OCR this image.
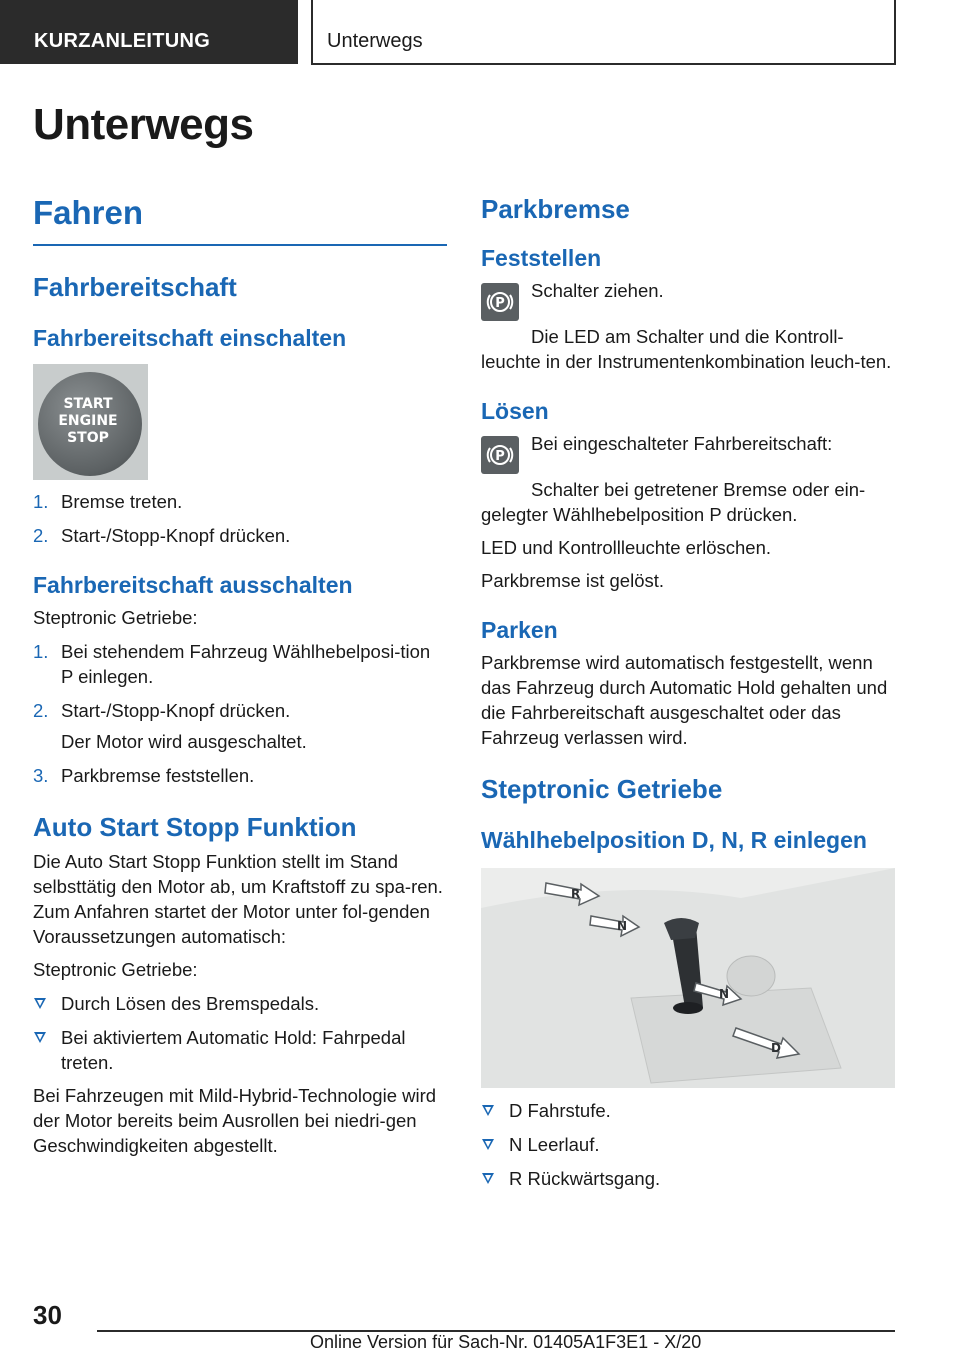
KURZANLEITUNG	Unterwegs
Unterwegs
Fahren
Fahrbereitschaft
Fahrbereitschaft einschalten
START
ENGINE
STOP
1. Bremse treten.
2. Start-/Stopp-Knopf drücken.
Fahrbereitschaft ausschalten

Steptronic Getriebe:

1. Bei stehendem Fahrzeug Wählhebelposi-tion P einlegen.
2. Start-/Stopp-Knopf drücken.

Der Motor wird ausgeschaltet.

3. Parkbremse feststellen.
Auto Start Stopp Funktion

Die Auto Start Stopp Funktion stellt im Stand selbsttätig den Motor ab, um Kraftstoff zu spa-ren. Zum Anfahren startet der Motor unter fol-genden Voraussetzungen automatisch:

Steptronic Getriebe:

Durch Lösen des Bremspedals.
Bei aktiviertem Automatic Hold: Fahrpedal treten.

Bei Fahrzeugen mit Mild-Hybrid-Technologie wird der Motor bereits beim Ausrollen bei niedri-gen Geschwindigkeiten abgestellt.

Parkbremse
Feststellen
P

Schalter ziehen.

Die LED am Schalter und die Kontroll-leuchte in der Instrumentenkombination leuch-ten.

Lösen
P

Bei eingeschalteter Fahrbereitschaft:

Schalter bei getretener Bremse oder ein-gelegter Wählhebelposition P drücken.

LED und Kontrollleuchte erlöschen.

Parkbremse ist gelöst.

Parken

Parkbremse wird automatisch festgestellt, wenn das Fahrzeug durch Automatic Hold gehalten und die Fahrbereitschaft ausgeschaltet oder das Fahrzeug verlassen wird.

Steptronic Getriebe
Wählhebelposition D, N, R einlegen
R
N
N
D
D Fahrstufe.
N Leerlauf.
R Rückwärtsgang.
30
Online Version für Sach-Nr. 01405A1F3E1 - X/20
